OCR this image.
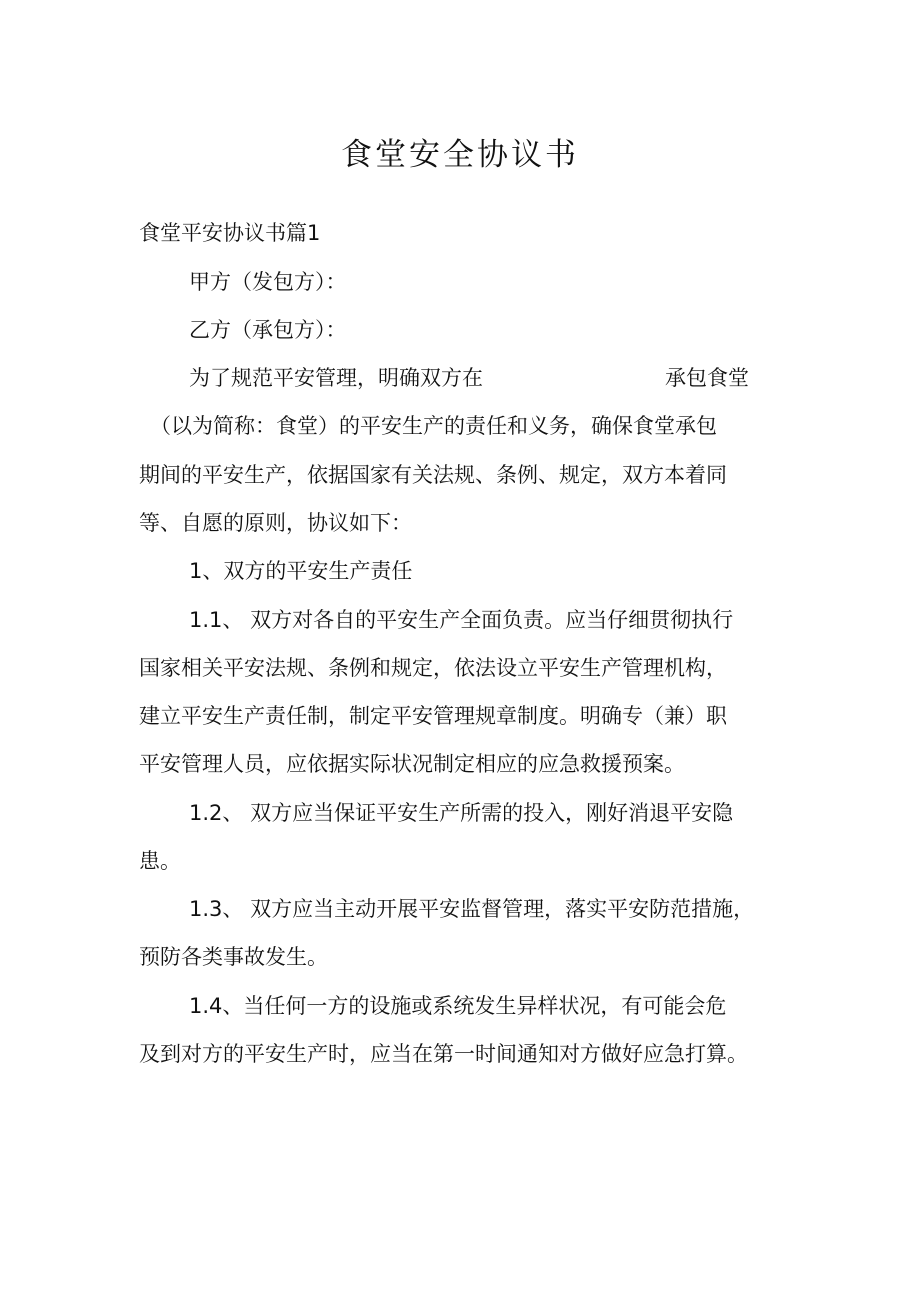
食堂安全协议书
食堂平安协议书篇1
甲方（发包方）：
乙方（承包方）：
为了规范平安管理，明确双方在	承包食堂
（以为简称：食堂）的平安生产的责任和义务，确保食堂承包
期间的平安生产，依据国家有关法规、条例、规定，双方本着同
等、自愿的原则，协议如下：
1、双方的平安生产责任
1.1、 双方对各自的平安生产全面负责。应当仔细贯彻执行
国家相关平安法规、条例和规定，依法设立平安生产管理机构，
建立平安生产责任制，制定平安管理规章制度。明确专（兼）职
平安管理人员，应依据实际状况制定相应的应急救援预案。
1.2、 双方应当保证平安生产所需的投入，刚好消退平安隐
患。
1.3、 双方应当主动开展平安监督管理，落实平安防范措施，
预防各类事故发生。
1.4、当任何一方的设施或系统发生异样状况，有可能会危
及到对方的平安生产时，应当在第一时间通知对方做好应急打算。
